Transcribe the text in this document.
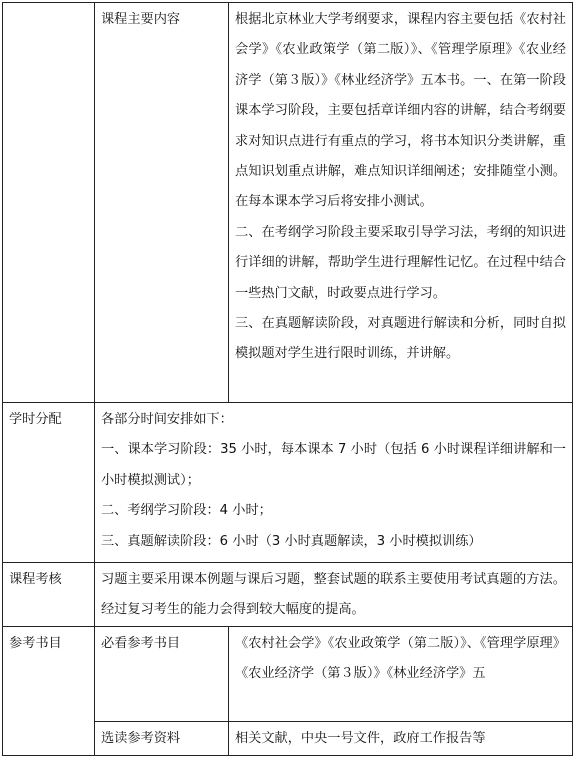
	课程主要内容	根据北京林业大学考纲要求，课程内容主要包括《农村社会学》《农业政策学（第二版）》、《管理学原理》《农业经济学（第３版）》《林业经济学》五本书。一、在第一阶段课本学习阶段，主要包括章详细内容的讲解，结合考纲要求对知识点进行有重点的学习，将书本知识分类讲解，重点知识划重点讲解，难点知识详细阐述；安排随堂小测。在每本课本学习后将安排小测试。

二、在考纲学习阶段主要采取引导学习法，考纲的知识进行详细的讲解，帮助学生进行理解性记忆。在过程中结合一些热门文献，时政要点进行学习。

三、在真题解读阶段，对真题进行解读和分析，同时自拟模拟题对学生进行限时训练，并讲解。

学时分配	各部分时间安排如下：

一、课本学习阶段：35 小时，每本课本 7 小时（包括 6 小时课程详细讲解和一小时模拟测试）；

二、考纲学习阶段：4 小时；

三、真题解读阶段：6 小时（3 小时真题解读，3 小时模拟训练）	

课程考核	习题主要采用课本例题与课后习题，整套试题的联系主要使用考试真题的方法。经过复习考生的能力会得到较大幅度的提高。	
参考书目	必看参考书目	《农村社会学》《农业政策学（第二版）》、《管理学原理》《农业经济学（第３版）》《林业经济学》五
	选读参考资料	相关文献，中央一号文件，政府工作报告等
